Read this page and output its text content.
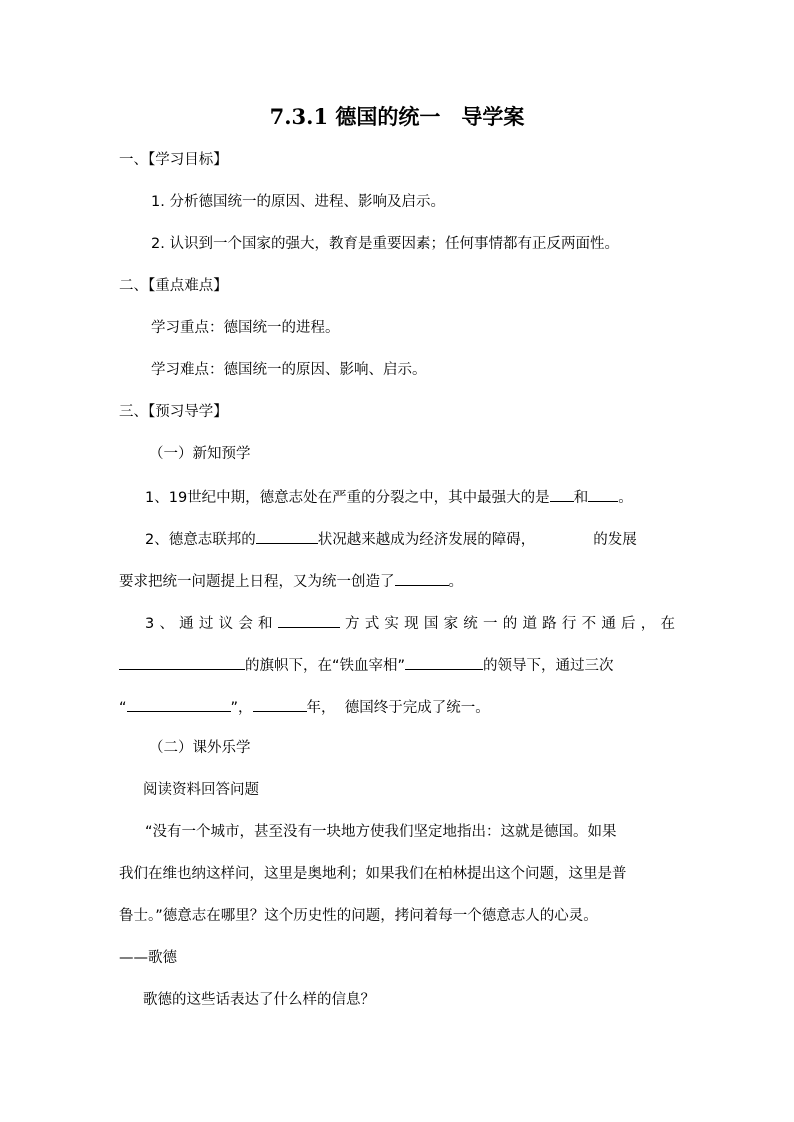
7.3.1 德国的统一　导学案
一、【学习目标】
1. 分析德国统一的原因、进程、影响及启示。
2. 认识到一个国家的强大，教育是重要因素；任何事情都有正反两面性。
二、【重点难点】
学习重点：德国统一的进程。
学习难点：德国统一的原因、影响、启示。
三、【预习导学】
（一）新知预学
1、19世纪中期，德意志处在严重的分裂之中，其中最强大的是 和 。
2、德意志联邦的	状况越来越成为经济发展的障碍，	的发展
要求把统一问题提上日程，又为统一创造了	。
3 、 通 过 议 会 和	方 式 实 现 国 家 统 一 的 道 路 行 不 通 后 ， 在
的旗帜下，在“铁血宰相”	的领导下，通过三次
“	”，	年，  德国终于完成了统一。
（二）课外乐学
阅读资料回答问题
“没有一个城市，甚至没有一块地方使我们坚定地指出：这就是德国。如果
我们在维也纳这样问，这里是奥地利；如果我们在柏林提出这个问题，这里是普
鲁士。”德意志在哪里？这个历史性的问题，拷问着每一个德意志人的心灵。
——歌德
歌德的这些话表达了什么样的信息？
